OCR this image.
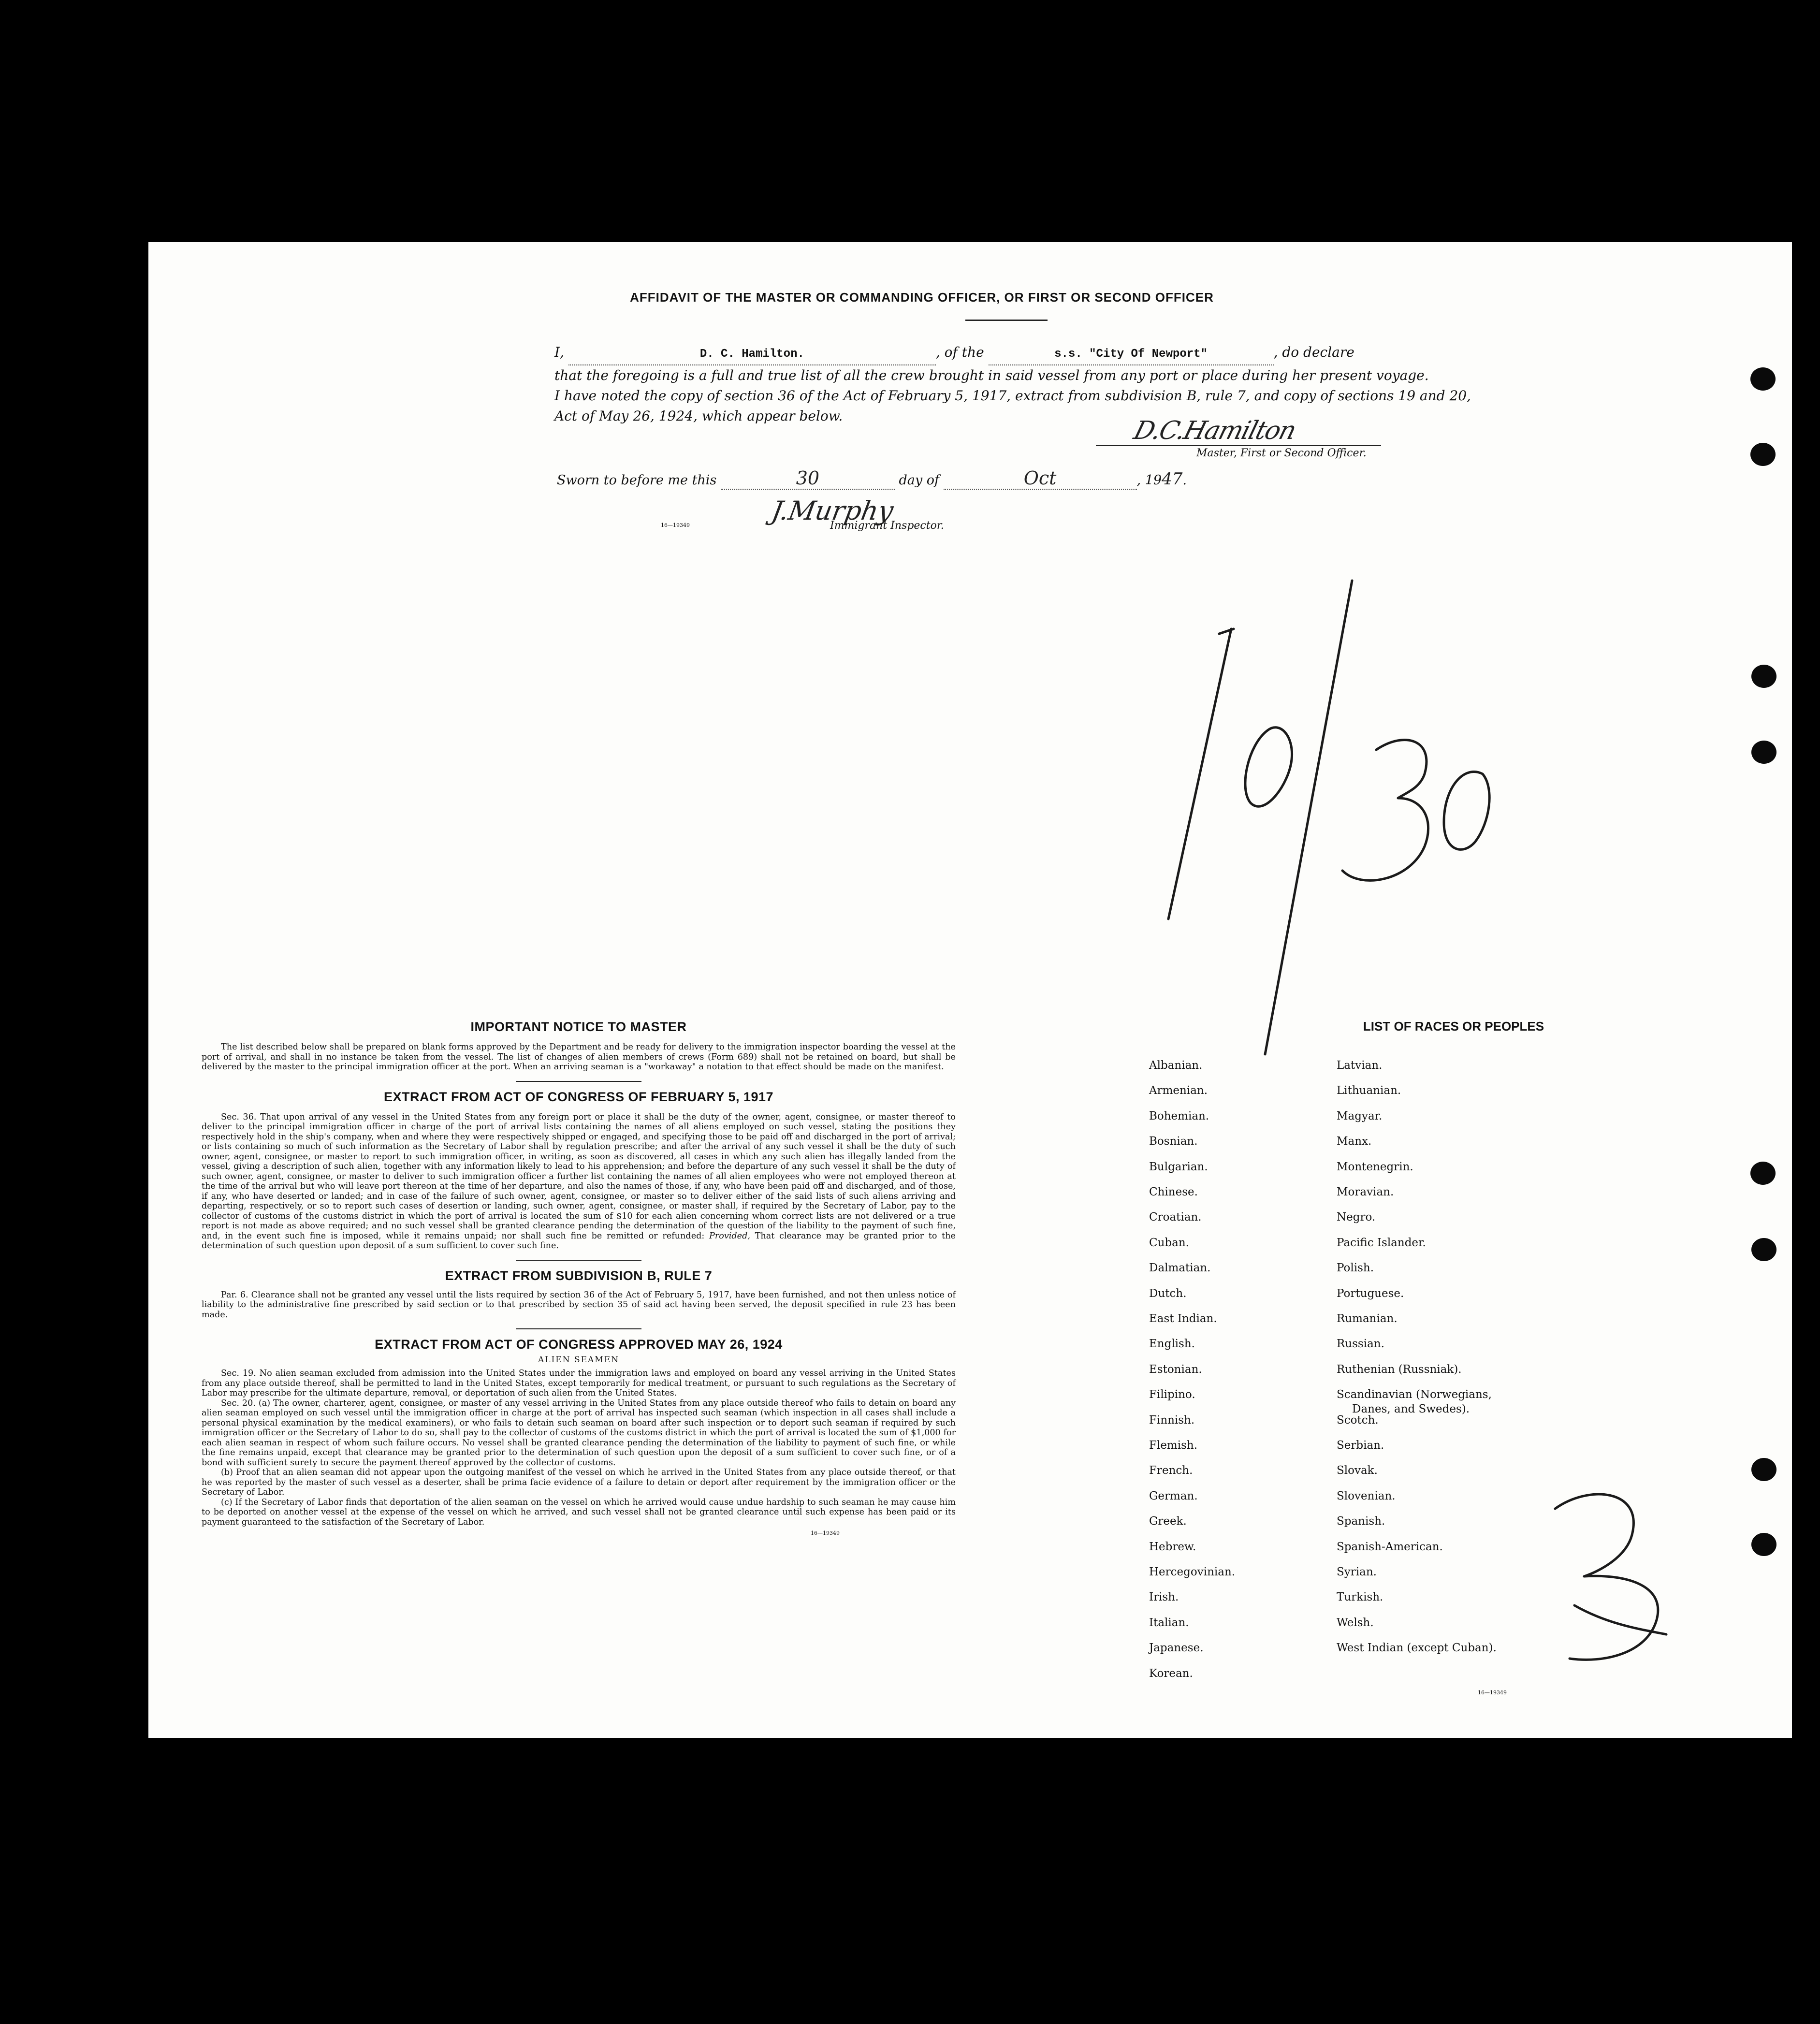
AFFIDAVIT OF THE MASTER OR COMMANDING OFFICER, OR FIRST OR SECOND OFFICER
I,	D. C. Hamilton.	, of the	s.s. "City Of Newport"	, do declare
that the foregoing is a full and true list of all the crew brought in said vessel from any port or place during her present voyage.
I have noted the copy of section 36 of the Act of February 5, 1917, extract from subdivision B, rule 7, and copy of sections 19 and 20,
Act of May 26, 1924, which appear below.
D.C.Hamilton
Master, First or Second Officer.
Sworn to before me this	30	day of	Oct	, 1947.
16—19349	J.Murphy
Immigrant Inspector.

IMPORTANT NOTICE TO MASTER

The list described below shall be prepared on blank forms approved by the Department and be ready for delivery to the immigration inspector boarding the vessel at the port of arrival, and shall in no instance be taken from the vessel. The list of changes of alien members of crews (Form 689) shall not be retained on board, but shall be delivered by the master to the principal immigration officer at the port. When an arriving seaman is a "workaway" a notation to that effect should be made on the manifest.

EXTRACT FROM ACT OF CONGRESS OF FEBRUARY 5, 1917

Sec. 36. That upon arrival of any vessel in the United States from any foreign port or place it shall be the duty of the owner, agent, consignee, or master thereof to deliver to the principal immigration officer in charge of the port of arrival lists containing the names of all aliens employed on such vessel, stating the positions they respectively hold in the ship's company, when and where they were respectively shipped or engaged, and specifying those to be paid off and discharged in the port of arrival; or lists containing so much of such information as the Secretary of Labor shall by regulation prescribe; and after the arrival of any such vessel it shall be the duty of such owner, agent, consignee, or master to report to such immigration officer, in writing, as soon as discovered, all cases in which any such alien has illegally landed from the vessel, giving a description of such alien, together with any information likely to lead to his apprehension; and before the departure of any such vessel it shall be the duty of such owner, agent, consignee, or master to deliver to such immigration officer a further list containing the names of all alien employees who were not employed thereon at the time of the arrival but who will leave port thereon at the time of her departure, and also the names of those, if any, who have been paid off and discharged, and of those, if any, who have deserted or landed; and in case of the failure of such owner, agent, consignee, or master so to deliver either of the said lists of such aliens arriving and departing, respectively, or so to report such cases of desertion or landing, such owner, agent, consignee, or master shall, if required by the Secretary of Labor, pay to the collector of customs of the customs district in which the port of arrival is located the sum of $10 for each alien concerning whom correct lists are not delivered or a true report is not made as above required; and no such vessel shall be granted clearance pending the determination of the question of the liability to the payment of such fine, and, in the event such fine is imposed, while it remains unpaid; nor shall such fine be remitted or refunded: Provided, That clearance may be granted prior to the determination of such question upon deposit of a sum sufficient to cover such fine.

EXTRACT FROM SUBDIVISION B, RULE 7

Par. 6. Clearance shall not be granted any vessel until the lists required by section 36 of the Act of February 5, 1917, have been furnished, and not then unless notice of liability to the administrative fine prescribed by said section or to that prescribed by section 35 of said act having been served, the deposit specified in rule 23 has been made.

EXTRACT FROM ACT OF CONGRESS APPROVED MAY 26, 1924

ALIEN SEAMEN

Sec. 19. No alien seaman excluded from admission into the United States under the immigration laws and employed on board any vessel arriving in the United States from any place outside thereof, shall be permitted to land in the United States, except temporarily for medical treatment, or pursuant to such regulations as the Secretary of Labor may prescribe for the ultimate departure, removal, or deportation of such alien from the United States.

Sec. 20. (a) The owner, charterer, agent, consignee, or master of any vessel arriving in the United States from any place outside thereof who fails to detain on board any alien seaman employed on such vessel until the immigration officer in charge at the port of arrival has inspected such seaman (which inspection in all cases shall include a personal physical examination by the medical examiners), or who fails to detain such seaman on board after such inspection or to deport such seaman if required by such immigration officer or the Secretary of Labor to do so, shall pay to the collector of customs of the customs district in which the port of arrival is located the sum of $1,000 for each alien seaman in respect of whom such failure occurs. No vessel shall be granted clearance pending the determination of the liability to payment of such fine, or while the fine remains unpaid, except that clearance may be granted prior to the determination of such question upon the deposit of a sum sufficient to cover such fine, or of a bond with sufficient surety to secure the payment thereof approved by the collector of customs.

(b) Proof that an alien seaman did not appear upon the outgoing manifest of the vessel on which he arrived in the United States from any place outside thereof, or that he was reported by the master of such vessel as a deserter, shall be prima facie evidence of a failure to detain or deport after requirement by the immigration officer or the Secretary of Labor.

(c) If the Secretary of Labor finds that deportation of the alien seaman on the vessel on which he arrived would cause undue hardship to such seaman he may cause him to be deported on another vessel at the expense of the vessel on which he arrived, and such vessel shall not be granted clearance until such expense has been paid or its payment guaranteed to the satisfaction of the Secretary of Labor.

16—19349
LIST OF RACES OR PEOPLES
Albanian.
Armenian.
Bohemian.
Bosnian.
Bulgarian.
Chinese.
Croatian.
Cuban.
Dalmatian.
Dutch.
East Indian.
English.
Estonian.
Filipino.
Finnish.
Flemish.
French.
German.
Greek.
Hebrew.
Hercegovinian.
Irish.
Italian.
Japanese.
Korean.
Latvian.
Lithuanian.
Magyar.
Manx.
Montenegrin.
Moravian.
Negro.
Pacific Islander.
Polish.
Portuguese.
Rumanian.
Russian.
Ruthenian (Russniak).
Scandinavian (Norwegians,
Danes, and Swedes).
Scotch.
Serbian.
Slovak.
Slovenian.
Spanish.
Spanish-American.
Syrian.
Turkish.
Welsh.
West Indian (except Cuban).
16—19349
